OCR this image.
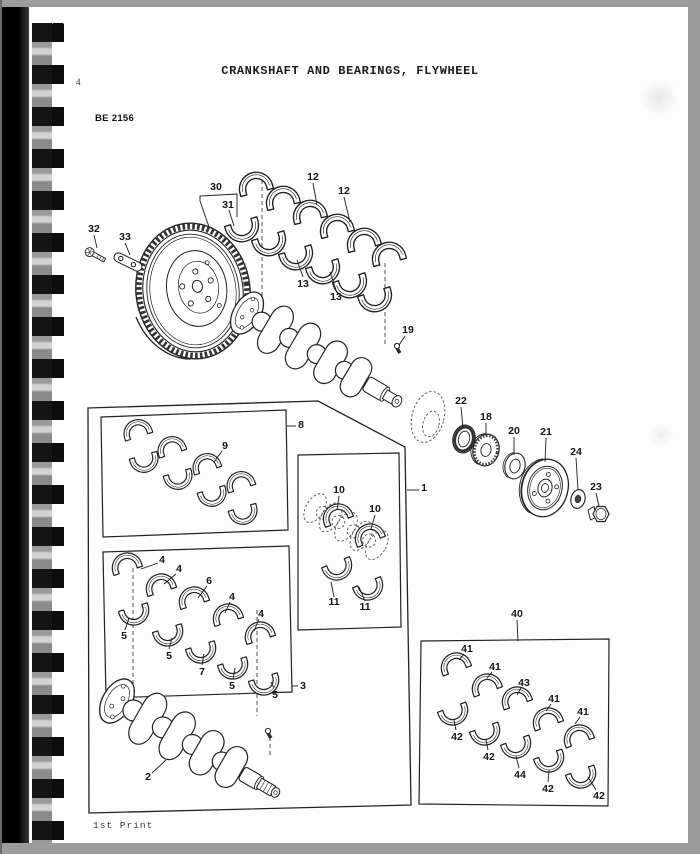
4
CRANKSHAFT AND BEARINGS, FLYWHEEL
BE 2156
1st Print
30
31
32
33
12
12
13
13
19
22
18
20 21
24
23
1
8
9
10
10
11 11
4
4
6
4
4
5
5
7
5
5
3
2
40
41
41
43
41
41
42
42
44
42
42
